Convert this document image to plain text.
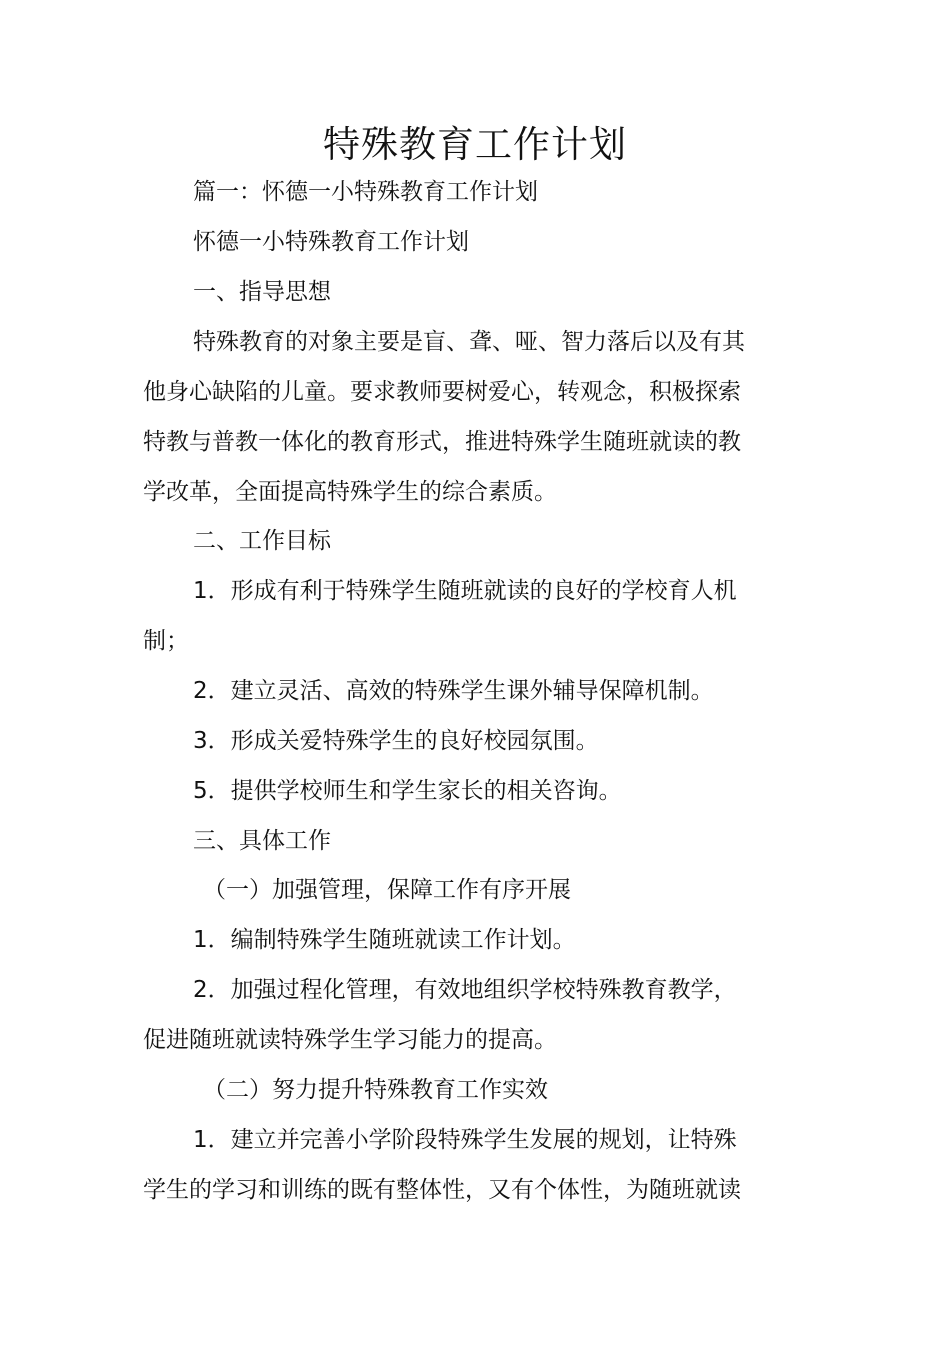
特殊教育工作计划

篇一：怀德一小特殊教育工作计划

怀德一小特殊教育工作计划

一、指导思想

特殊教育的对象主要是盲、聋、哑、智力落后以及有其

他身心缺陷的儿童。要求教师要树爱心，转观念，积极探索

特教与普教一体化的教育形式，推进特殊学生随班就读的教

学改革，全面提高特殊学生的综合素质。

二、工作目标

1．形成有利于特殊学生随班就读的良好的学校育人机

制；

2．建立灵活、高效的特殊学生课外辅导保障机制。

3．形成关爱特殊学生的良好校园氛围。

5．提供学校师生和学生家长的相关咨询。

三、具体工作

（一）加强管理，保障工作有序开展

1．编制特殊学生随班就读工作计划。

2．加强过程化管理，有效地组织学校特殊教育教学，

促进随班就读特殊学生学习能力的提高。

（二）努力提升特殊教育工作实效

1．建立并完善小学阶段特殊学生发展的规划，让特殊

学生的学习和训练的既有整体性，又有个体性，为随班就读
